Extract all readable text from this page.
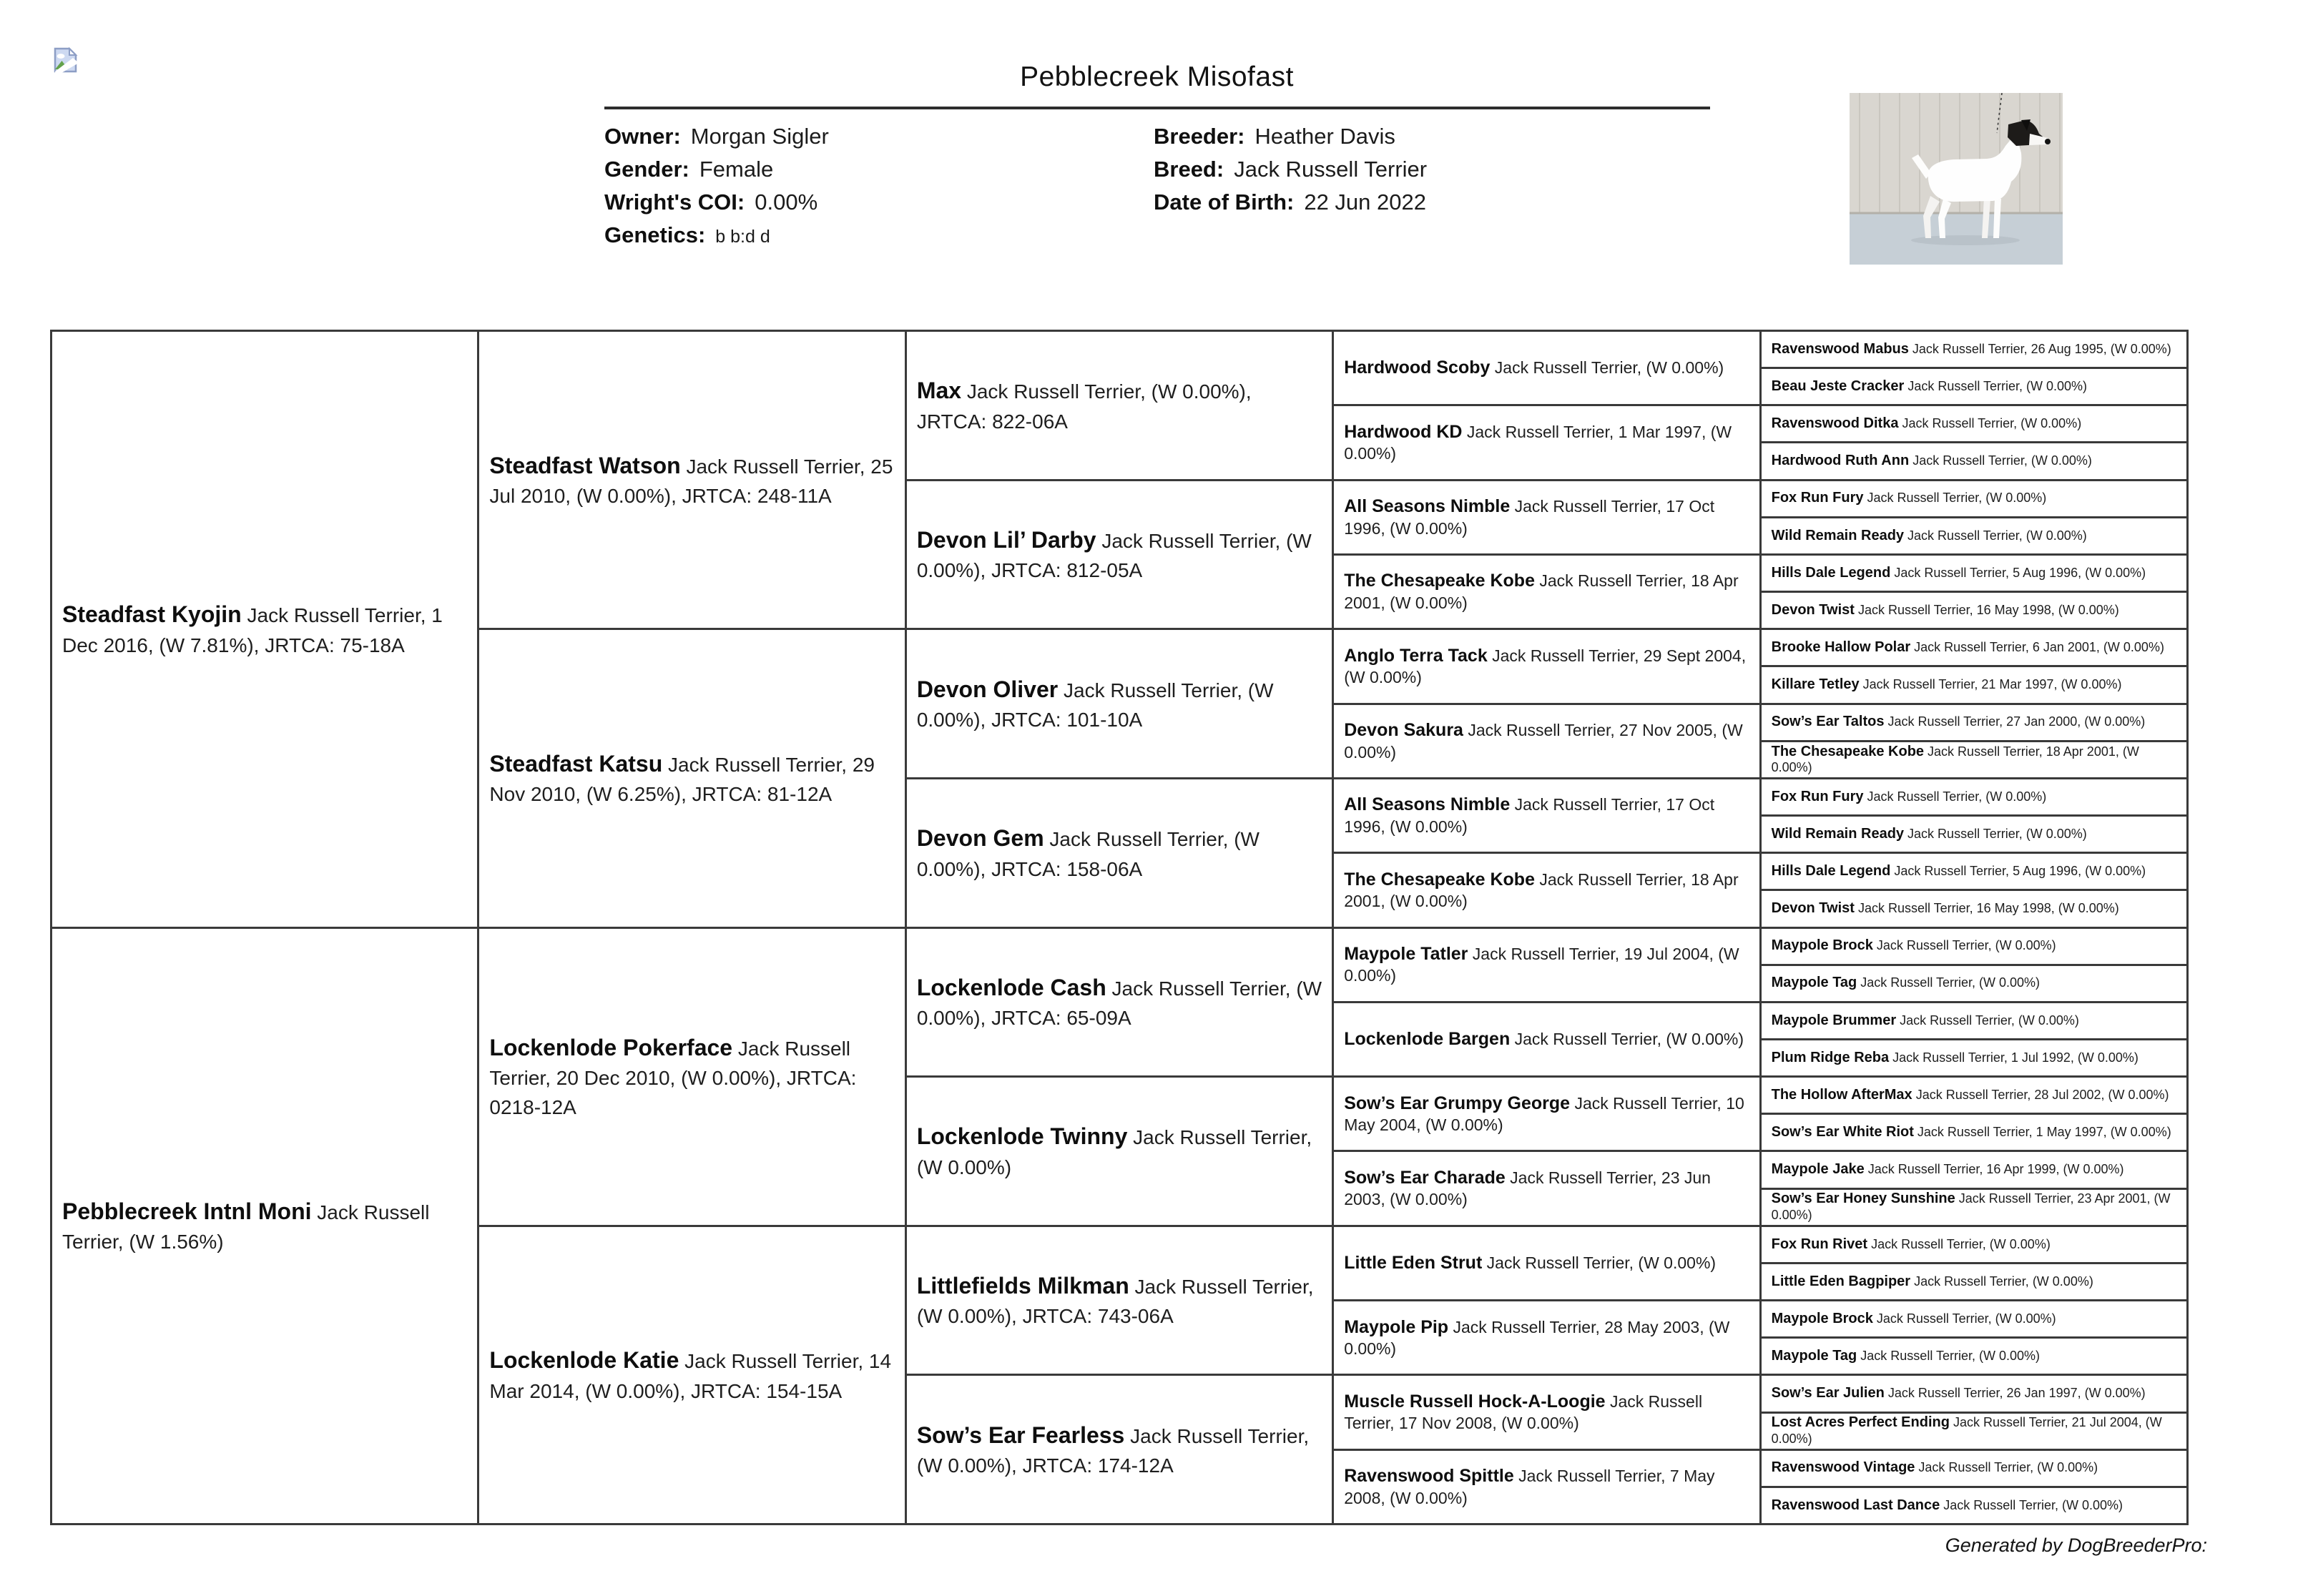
Pebblecreek Misofast
Owner: Morgan Sigler
Gender: Female
Wright's COI: 0.00%
Genetics: b b:d d
Breeder: Heather Davis
Breed: Jack Russell Terrier
Date of Birth: 22 Jun 2022
Steadfast Kyojin Jack Russell Terrier, 1 Dec 2016, (W 7.81%), JRTCA: 75-18A
Pebblecreek Intnl Moni Jack Russell Terrier, (W 1.56%)
Steadfast Watson Jack Russell Terrier, 25 Jul 2010, (W 0.00%), JRTCA: 248-11A
Steadfast Katsu Jack Russell Terrier, 29 Nov 2010, (W 6.25%), JRTCA: 81-12A
Lockenlode Pokerface Jack Russell Terrier, 20 Dec 2010, (W 0.00%), JRTCA: 0218-12A
Lockenlode Katie Jack Russell Terrier, 14 Mar 2014, (W 0.00%), JRTCA: 154-15A
Max Jack Russell Terrier, (W 0.00%), JRTCA: 822-06A
Devon Lil’ Darby Jack Russell Terrier, (W 0.00%), JRTCA: 812-05A
Devon Oliver Jack Russell Terrier, (W 0.00%), JRTCA: 101-10A
Devon Gem Jack Russell Terrier, (W 0.00%), JRTCA: 158-06A
Lockenlode Cash Jack Russell Terrier, (W 0.00%), JRTCA: 65-09A
Lockenlode Twinny Jack Russell Terrier, (W 0.00%)
Littlefields Milkman Jack Russell Terrier, (W 0.00%), JRTCA: 743-06A
Sow’s Ear Fearless Jack Russell Terrier, (W 0.00%), JRTCA: 174-12A
Hardwood Scoby Jack Russell Terrier, (W 0.00%)
Hardwood KD Jack Russell Terrier, 1 Mar 1997, (W 0.00%)
All Seasons Nimble Jack Russell Terrier, 17 Oct 1996, (W 0.00%)
The Chesapeake Kobe Jack Russell Terrier, 18 Apr 2001, (W 0.00%)
Anglo Terra Tack Jack Russell Terrier, 29 Sept 2004, (W 0.00%)
Devon Sakura Jack Russell Terrier, 27 Nov 2005, (W 0.00%)
All Seasons Nimble Jack Russell Terrier, 17 Oct 1996, (W 0.00%)
The Chesapeake Kobe Jack Russell Terrier, 18 Apr 2001, (W 0.00%)
Maypole Tatler Jack Russell Terrier, 19 Jul 2004, (W 0.00%)
Lockenlode Bargen Jack Russell Terrier, (W 0.00%)
Sow’s Ear Grumpy George Jack Russell Terrier, 10 May 2004, (W 0.00%)
Sow’s Ear Charade Jack Russell Terrier, 23 Jun 2003, (W 0.00%)
Little Eden Strut Jack Russell Terrier, (W 0.00%)
Maypole Pip Jack Russell Terrier, 28 May 2003, (W 0.00%)
Muscle Russell Hock-A-Loogie Jack Russell Terrier, 17 Nov 2008, (W 0.00%)
Ravenswood Spittle Jack Russell Terrier, 7 May 2008, (W 0.00%)
Ravenswood Mabus Jack Russell Terrier, 26 Aug 1995, (W 0.00%)
Beau Jeste Cracker Jack Russell Terrier, (W 0.00%)
Ravenswood Ditka Jack Russell Terrier, (W 0.00%)
Hardwood Ruth Ann Jack Russell Terrier, (W 0.00%)
Fox Run Fury Jack Russell Terrier, (W 0.00%)
Wild Remain Ready Jack Russell Terrier, (W 0.00%)
Hills Dale Legend Jack Russell Terrier, 5 Aug 1996, (W 0.00%)
Devon Twist Jack Russell Terrier, 16 May 1998, (W 0.00%)
Brooke Hallow Polar Jack Russell Terrier, 6 Jan 2001, (W 0.00%)
Killare Tetley Jack Russell Terrier, 21 Mar 1997, (W 0.00%)
Sow’s Ear Taltos Jack Russell Terrier, 27 Jan 2000, (W 0.00%)
The Chesapeake Kobe Jack Russell Terrier, 18 Apr 2001, (W 0.00%)
Fox Run Fury Jack Russell Terrier, (W 0.00%)
Wild Remain Ready Jack Russell Terrier, (W 0.00%)
Hills Dale Legend Jack Russell Terrier, 5 Aug 1996, (W 0.00%)
Devon Twist Jack Russell Terrier, 16 May 1998, (W 0.00%)
Maypole Brock Jack Russell Terrier, (W 0.00%)
Maypole Tag Jack Russell Terrier, (W 0.00%)
Maypole Brummer Jack Russell Terrier, (W 0.00%)
Plum Ridge Reba Jack Russell Terrier, 1 Jul 1992, (W 0.00%)
The Hollow AfterMax Jack Russell Terrier, 28 Jul 2002, (W 0.00%)
Sow’s Ear White Riot Jack Russell Terrier, 1 May 1997, (W 0.00%)
Maypole Jake Jack Russell Terrier, 16 Apr 1999, (W 0.00%)
Sow’s Ear Honey Sunshine Jack Russell Terrier, 23 Apr 2001, (W 0.00%)
Fox Run Rivet Jack Russell Terrier, (W 0.00%)
Little Eden Bagpiper Jack Russell Terrier, (W 0.00%)
Maypole Brock Jack Russell Terrier, (W 0.00%)
Maypole Tag Jack Russell Terrier, (W 0.00%)
Sow’s Ear Julien Jack Russell Terrier, 26 Jan 1997, (W 0.00%)
Lost Acres Perfect Ending Jack Russell Terrier, 21 Jul 2004, (W 0.00%)
Ravenswood Vintage Jack Russell Terrier, (W 0.00%)
Ravenswood Last Dance Jack Russell Terrier, (W 0.00%)
Generated by DogBreederPro:
